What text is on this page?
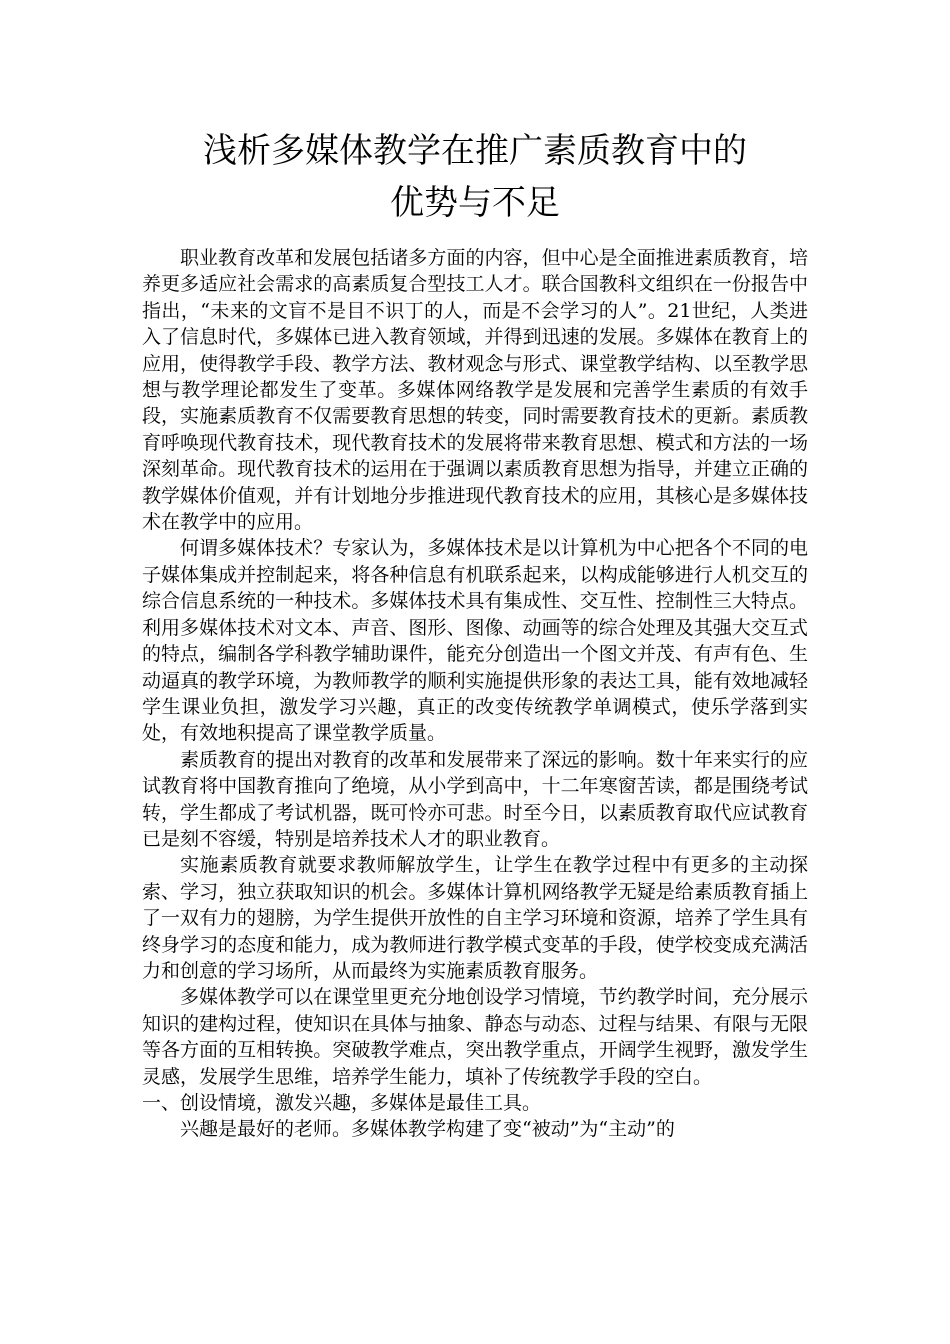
浅析多媒体教学在推广素质教育中的
优势与不足

职业教育改革和发展包括诸多方面的内容，但中心是全面推进素质教育，培养更多适应社会需求的高素质复合型技工人才。联合国教科文组织在一份报告中指出，“未来的文盲不是目不识丁的人，而是不会学习的人”。21世纪，人类进入了信息时代，多媒体已进入教育领域，并得到迅速的发展。多媒体在教育上的应用，使得教学手段、教学方法、教材观念与形式、课堂教学结构、以至教学思想与教学理论都发生了变革。多媒体网络教学是发展和完善学生素质的有效手段，实施素质教育不仅需要教育思想的转变，同时需要教育技术的更新。素质教育呼唤现代教育技术，现代教育技术的发展将带来教育思想、模式和方法的一场深刻革命。现代教育技术的运用在于强调以素质教育思想为指导，并建立正确的教学媒体价值观，并有计划地分步推进现代教育技术的应用，其核心是多媒体技术在教学中的应用。

何谓多媒体技术？专家认为，多媒体技术是以计算机为中心把各个不同的电子媒体集成并控制起来，将各种信息有机联系起来，以构成能够进行人机交互的综合信息系统的一种技术。多媒体技术具有集成性、交互性、控制性三大特点。利用多媒体技术对文本、声音、图形、图像、动画等的综合处理及其强大交互式的特点，编制各学科教学辅助课件，能充分创造出一个图文并茂、有声有色、生动逼真的教学环境，为教师教学的顺利实施提供形象的表达工具，能有效地减轻学生课业负担，激发学习兴趣，真正的改变传统教学单调模式，使乐学落到实处，有效地积提高了课堂教学质量。

素质教育的提出对教育的改革和发展带来了深远的影响。数十年来实行的应试教育将中国教育推向了绝境，从小学到高中，十二年寒窗苦读，都是围绕考试转，学生都成了考试机器，既可怜亦可悲。时至今日，以素质教育取代应试教育已是刻不容缓，特别是培养技术人才的职业教育。

实施素质教育就要求教师解放学生，让学生在教学过程中有更多的主动探索、学习，独立获取知识的机会。多媒体计算机网络教学无疑是给素质教育插上了一双有力的翅膀，为学生提供开放性的自主学习环境和资源，培养了学生具有终身学习的态度和能力，成为教师进行教学模式变革的手段，使学校变成充满活力和创意的学习场所，从而最终为实施素质教育服务。

多媒体教学可以在课堂里更充分地创设学习情境，节约教学时间，充分展示知识的建构过程，使知识在具体与抽象、静态与动态、过程与结果、有限与无限等各方面的互相转换。突破教学难点，突出教学重点，开阔学生视野，激发学生灵感，发展学生思维，培养学生能力，填补了传统教学手段的空白。

一、创设情境，激发兴趣，多媒体是最佳工具。

兴趣是最好的老师。多媒体教学构建了变“被动”为“主动”的
